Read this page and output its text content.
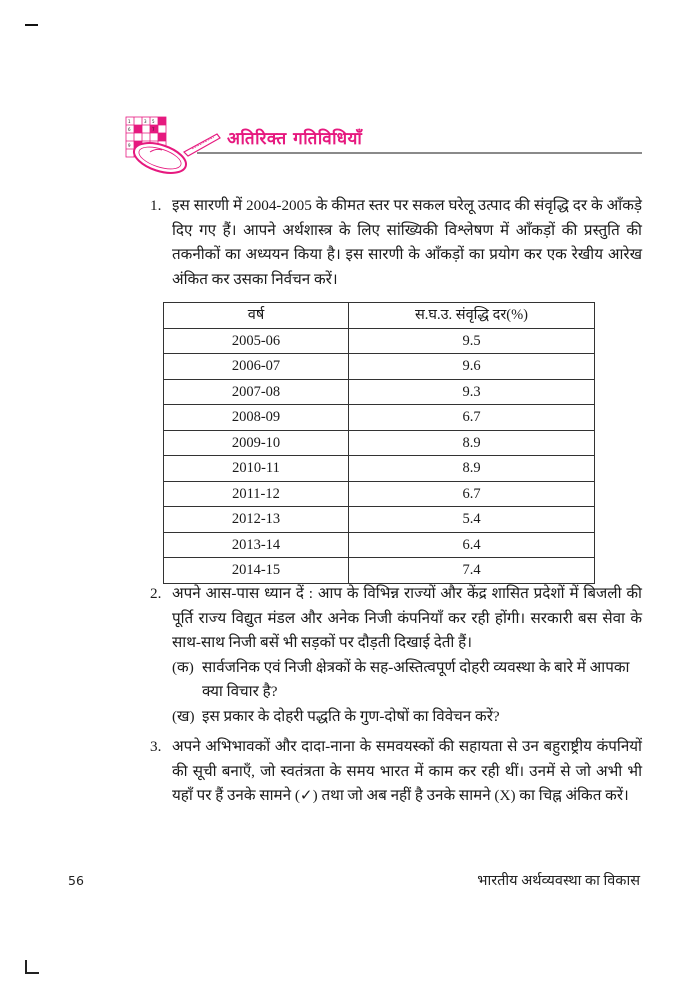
1	3 5
6	7
9	अतिरिक्त गतिविधियाँ
1. इस सारणी में 2004-2005 के कीमत स्तर पर सकल घरेलू उत्पाद की संवृद्धि दर के आँकड़े दिए गए हैं। आपने अर्थशास्त्र के लिए सांख्यिकी विश्लेषण में आँकड़ों की प्रस्तुति की तकनीकों का अध्ययन किया है। इस सारणी के आँकड़ों का प्रयोग कर एक रेखीय आरेख अंकित कर उसका निर्वचन करें।
वर्ष	स.घ.उ. संवृद्धि दर(%)
2005-06	9.5
2006-07	9.6
2007-08	9.3
2008-09	6.7
2009-10	8.9
2010-11	8.9
2011-12	6.7
2012-13	5.4
2013-14	6.4
2014-15	7.4
2. अपने आस-पास ध्यान दें : आप के विभिन्न राज्यों और केंद्र शासित प्रदेशों में बिजली की पूर्ति राज्य विद्युत मंडल और अनेक निजी कंपनियाँ कर रही होंगी। सरकारी बस सेवा के साथ-साथ निजी बसें भी सड़कों पर दौड़ती दिखाई देती हैं।
(क) सार्वजनिक एवं निजी क्षेत्रकों के सह-अस्तित्वपूर्ण दोहरी व्यवस्था के बारे में आपका क्या विचार है?
(ख) इस प्रकार के दोहरी पद्धति के गुण-दोषों का विवेचन करें?
3. अपने अभिभावकों और दादा-नाना के समवयस्कों की सहायता से उन बहुराष्ट्रीय कंपनियों की सूची बनाएँ, जो स्वतंत्रता के समय भारत में काम कर रही थीं। उनमें से जो अभी भी यहाँ पर हैं उनके सामने (✓) तथा जो अब नहीं है उनके सामने (X) का चिह्न अंकित करें।
56	भारतीय अर्थव्यवस्था का विकास
